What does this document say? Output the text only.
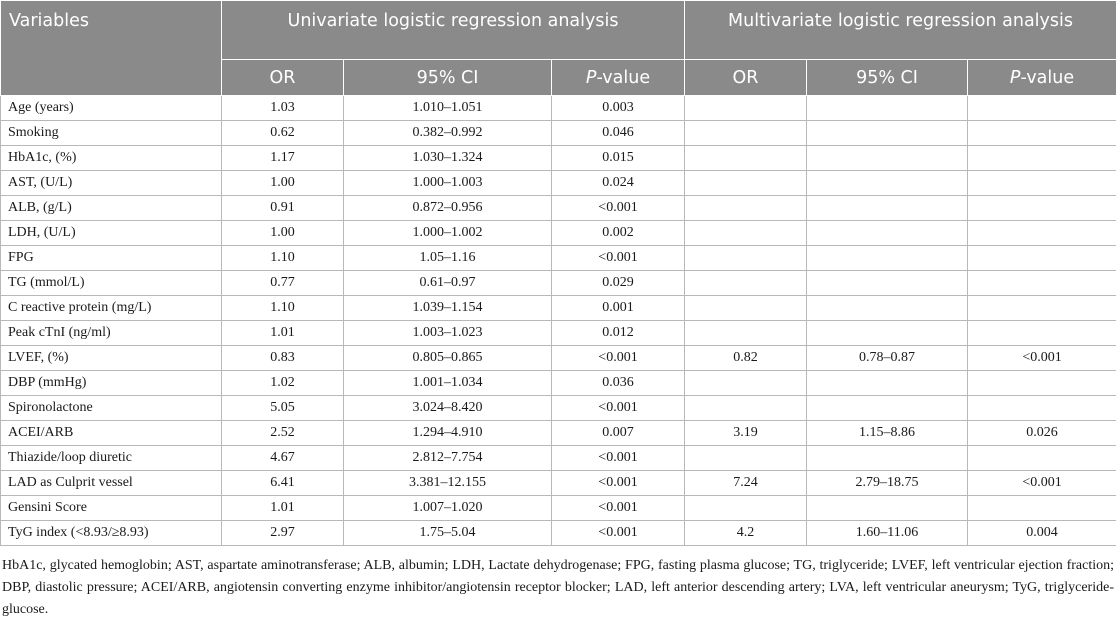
Variables	Univariate logistic regression analysis			Multivariate logistic regression analysis		
	OR	95% CI	P-value	OR	95% CI	P-value
Age (years)	1.03	1.010–1.051	0.003			
Smoking	0.62	0.382–0.992	0.046			
HbA1c, (%)	1.17	1.030–1.324	0.015			
AST, (U/L)	1.00	1.000–1.003	0.024			
ALB, (g/L)	0.91	0.872–0.956	<0.001			
LDH, (U/L)	1.00	1.000–1.002	0.002			
FPG	1.10	1.05–1.16	<0.001			
TG (mmol/L)	0.77	0.61–0.97	0.029			
C reactive protein (mg/L)	1.10	1.039–1.154	0.001			
Peak cTnI (ng/ml)	1.01	1.003–1.023	0.012			
LVEF, (%)	0.83	0.805–0.865	<0.001	0.82	0.78–0.87	<0.001
DBP (mmHg)	1.02	1.001–1.034	0.036			
Spironolactone	5.05	3.024–8.420	<0.001			
ACEI/ARB	2.52	1.294–4.910	0.007	3.19	1.15–8.86	0.026
Thiazide/loop diuretic	4.67	2.812–7.754	<0.001			
LAD as Culprit vessel	6.41	3.381–12.155	<0.001	7.24	2.79–18.75	<0.001
Gensini Score	1.01	1.007–1.020	<0.001			
TyG index (<8.93/≥8.93)	2.97	1.75–5.04	<0.001	4.2	1.60–11.06	0.004
HbA1c, glycated hemoglobin; AST, aspartate aminotransferase; ALB, albumin; LDH, Lactate dehydrogenase; FPG, fasting plasma glucose; TG, triglyceride; LVEF, left ventricular ejection fraction; DBP, diastolic pressure; ACEI/ARB, angiotensin converting enzyme inhibitor/angiotensin receptor blocker; LAD, left anterior descending artery; LVA, left ventricular aneurysm; TyG, triglyceride-glucose.
